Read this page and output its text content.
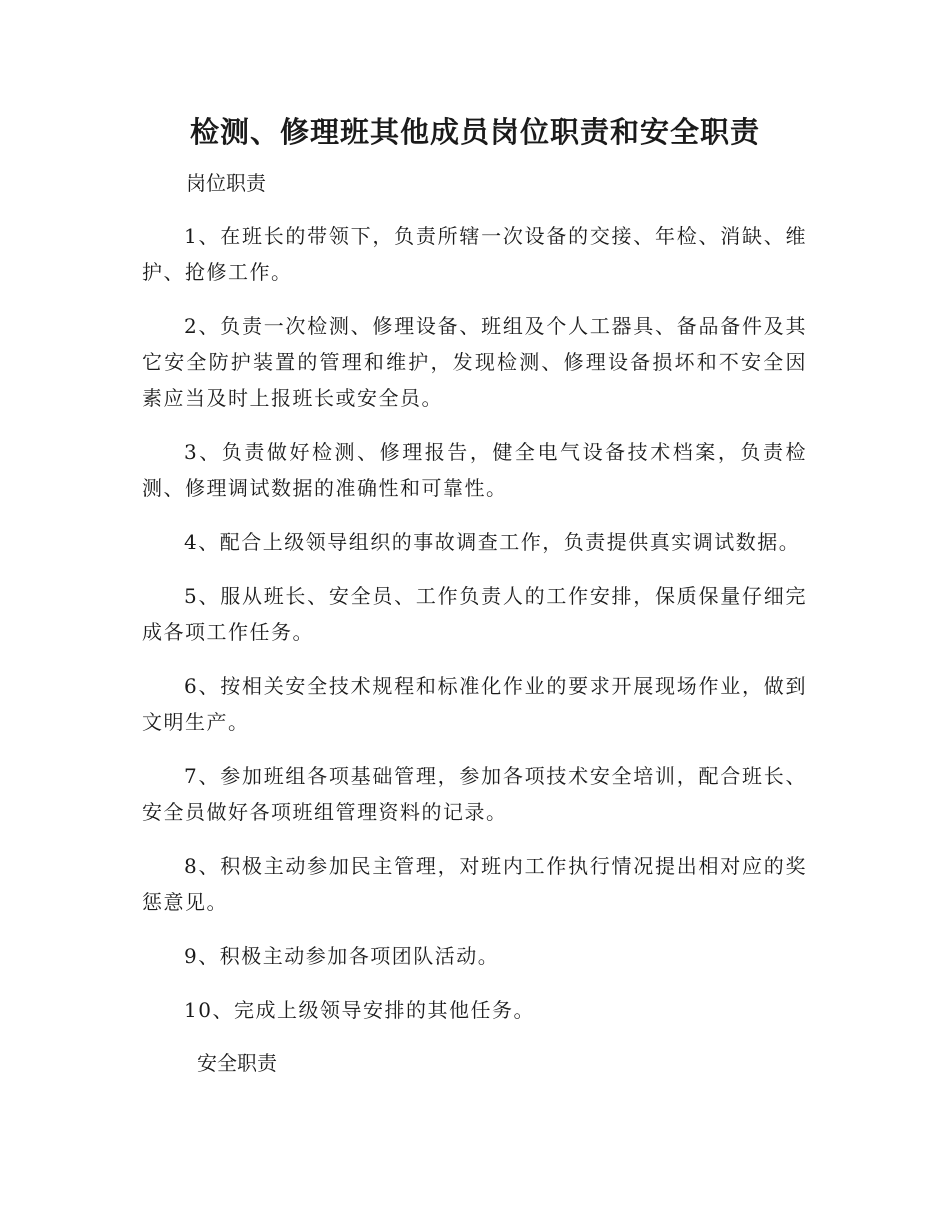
检测、修理班其他成员岗位职责和安全职责

岗位职责

1、在班长的带领下，负责所辖一次设备的交接、年检、消缺、维护、抢修工作。

2、负责一次检测、修理设备、班组及个人工器具、备品备件及其它安全防护装置的管理和维护，发现检测、修理设备损坏和不安全因素应当及时上报班长或安全员。

3、负责做好检测、修理报告，健全电气设备技术档案，负责检测、修理调试数据的准确性和可靠性。

4、配合上级领导组织的事故调查工作，负责提供真实调试数据。

5、服从班长、安全员、工作负责人的工作安排，保质保量仔细完成各项工作任务。

6、按相关安全技术规程和标准化作业的要求开展现场作业，做到文明生产。

7、参加班组各项基础管理，参加各项技术安全培训，配合班长、安全员做好各项班组管理资料的记录。

8、积极主动参加民主管理，对班内工作执行情况提出相对应的奖惩意见。

9、积极主动参加各项团队活动。

10、完成上级领导安排的其他任务。

安全职责
